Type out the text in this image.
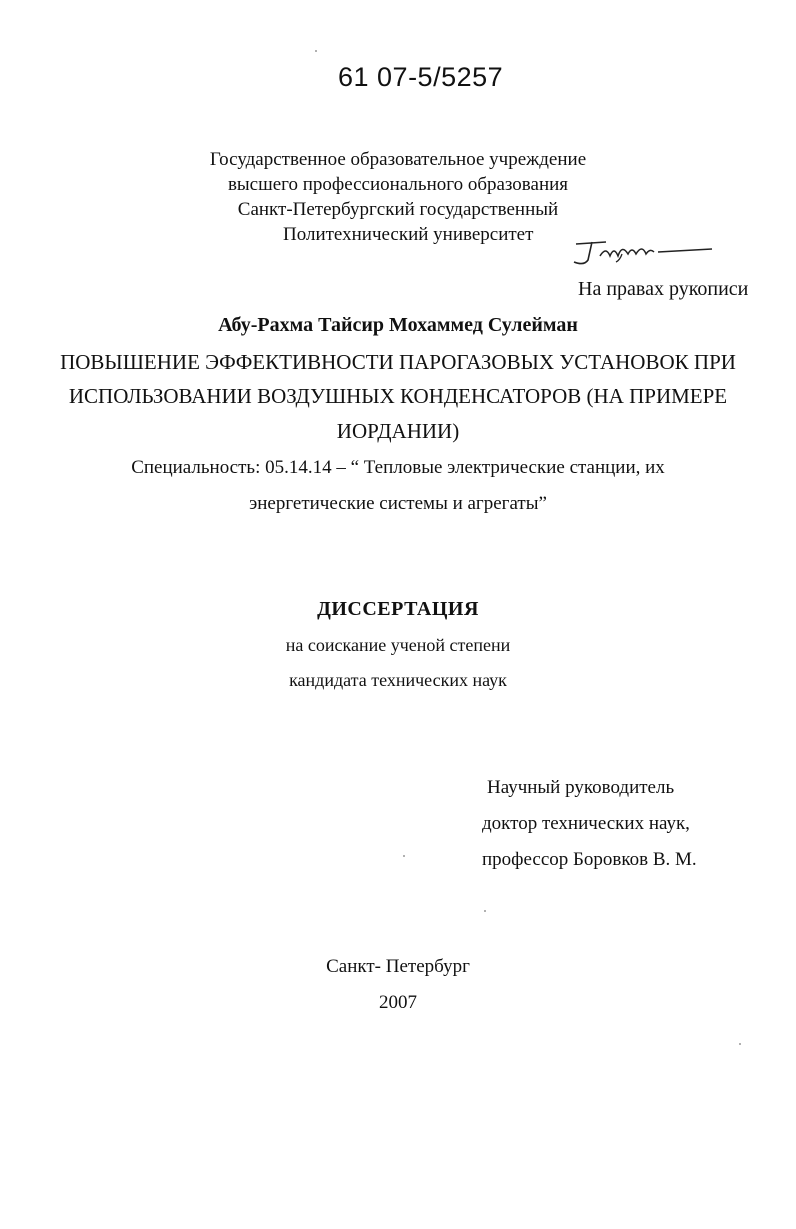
61 07-5/5257
Государственное образовательное учреждение
высшего профессионального образования
Санкт-Петербургский государственный
Политехнический университет
На правах рукописи
Абу-Рахма Тайсир Мохаммед Сулейман
ПОВЫШЕНИЕ ЭФФЕКТИВНОСТИ ПАРОГАЗОВЫХ УСТАНОВОК ПРИ
ИСПОЛЬЗОВАНИИ ВОЗДУШНЫХ КОНДЕНСАТОРОВ (НА ПРИМЕРЕ
ИОРДАНИИ)
Специальность: 05.14.14 – “ Тепловые электрические станции, их
энергетические системы и агрегаты”
ДИССЕРТАЦИЯ
на соискание ученой степени
кандидата технических наук
Научный руководитель
доктор технических наук,
профессор Боровков В. М.
Санкт- Петербург
2007
